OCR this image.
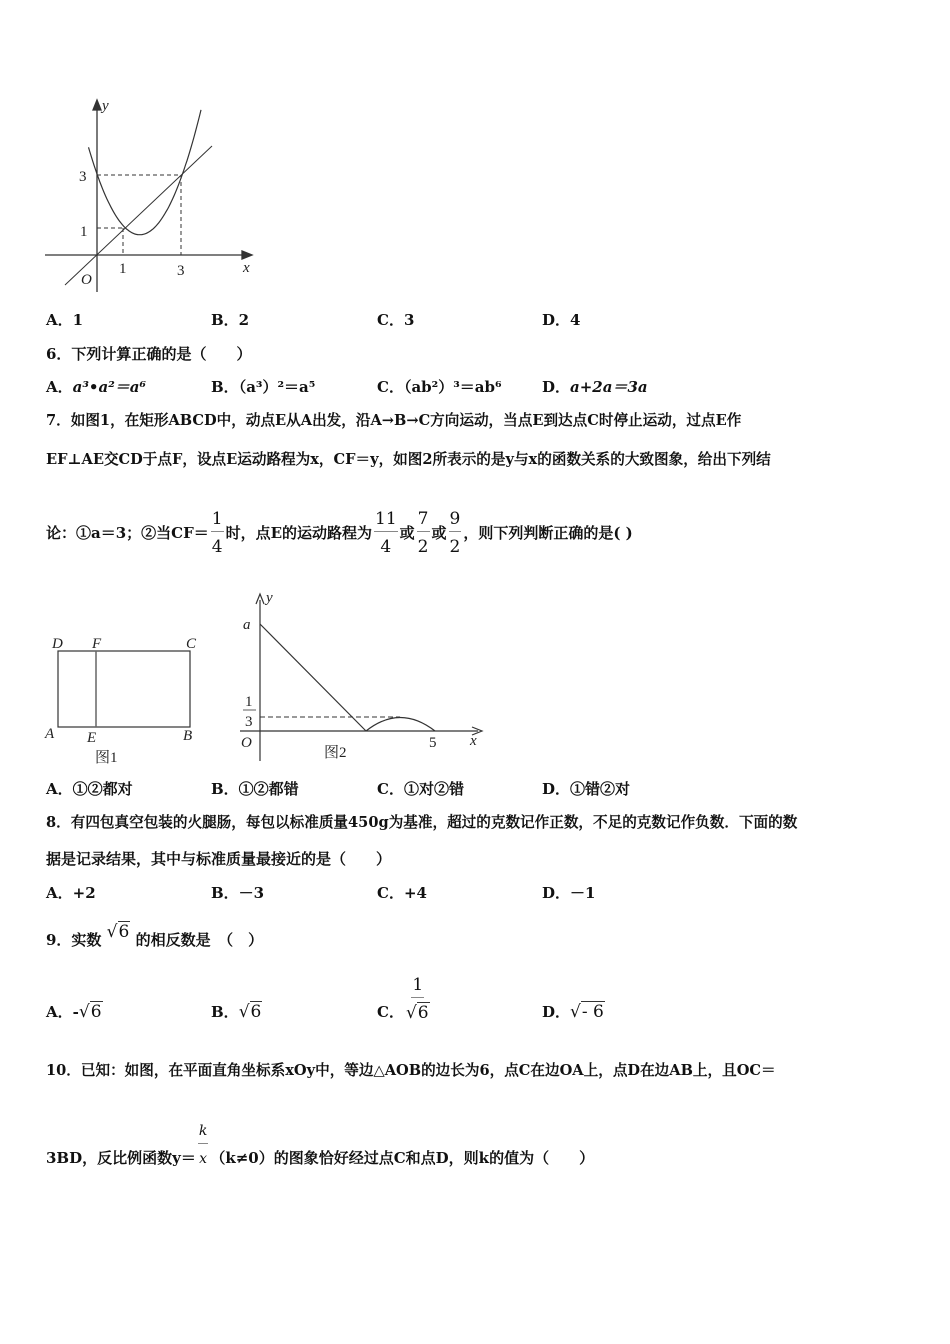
y
x
O
3
1
1	3
A．1	B．2	C．3	D．4
6．下列计算正确的是（　　）
A．a³•a²＝a⁶	B．（a³）²＝a⁵	C．（ab²）³＝ab⁶	D．a+2a＝3a
7．如图1，在矩形ABCD中，动点E从A出发，沿A→B→C方向运动，当点E到达点C时停止运动，过点E作
EF⊥AE交CD于点F，设点E运动路程为x，CF＝y，如图2所表示的是y与x的函数关系的大致图象，给出下列结
论：①a＝3；②当$CF= \frac{1}{4}$ 时，点E的运动路程为 $\frac{11}{4}$ 或 $\frac{7}{2}$ 或 $\frac{9}{2}$ ，则下列判断正确的是( )
D F	C
A E	B
y
x
O
a
图1	图2
1
3
5
A．①②都对	B．①②都错	C．①对②错	D．①错②对
8．有四包真空包装的火腿肠，每包以标准质量450g为基准，超过的克数记作正数，不足的克数记作负数．下面的数
据是记录结果，其中与标准质量最接近的是（　　）
A．+2	B．－3	C．+4	D．－1
9．实数 √6 的相反数是　（　）
A．-√6	B．√6	C． $\frac{1}{√6}$	D．√- 6
10．已知：如图，在平面直角坐标系xOy中，等边△AOB的边长为6，点C在边OA上，点D在边AB上，且OC＝
3BD，反比例函数$y= \frac{k}{x} (k\ne 0)$的图象恰好经过点C和点D，则k的值为（　　）
